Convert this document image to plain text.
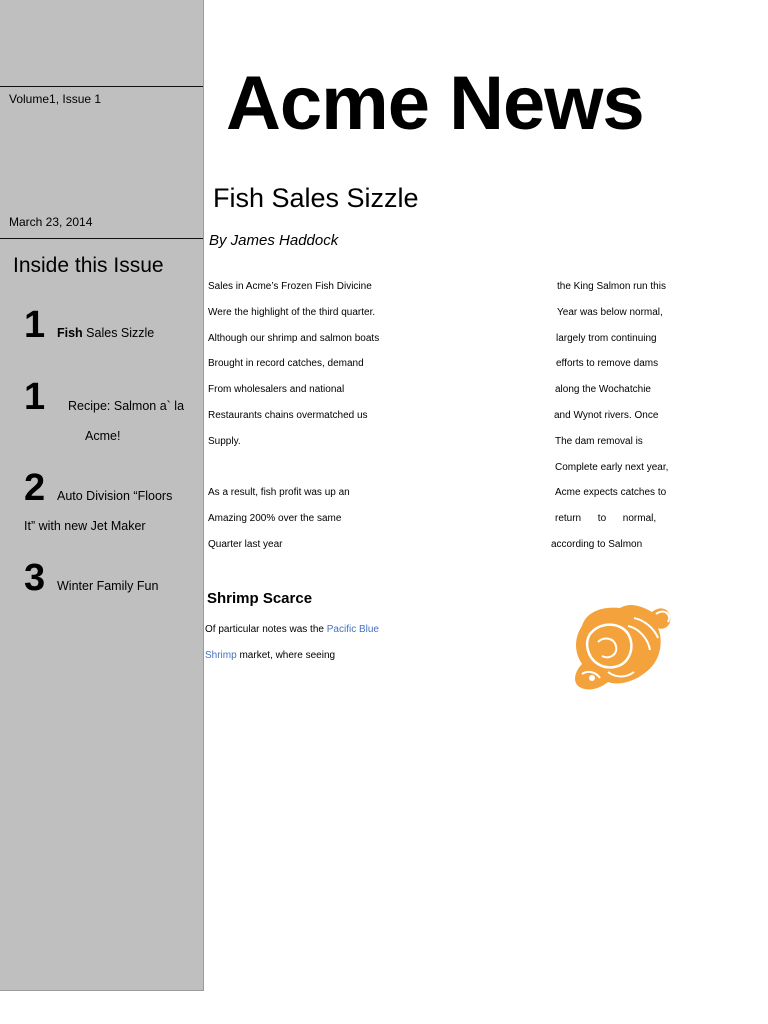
Volume1, Issue 1
March 23, 2014
Inside this Issue
1 Fish Sales Sizzle
1 Recipe: Salmon a` la
Acme!
2 Auto Division “Floors
It” with new Jet Maker
3 Winter Family Fun
Acme News
Fish Sales Sizzle
By James Haddock
Sales in Acme’s Frozen Fish Divicine
Were the highlight of the third quarter.
Although our shrimp and salmon boats
Brought in record catches, demand
From wholesalers and national
Restaurants chains overmatched us
Supply.
As a result, fish profit was up an
Amazing 200% over the same
Quarter last year
the King Salmon run this
Year was below normal,
largely trom continuing
efforts to remove dams
along the Wochatchie
and Wynot rivers. Once
The dam removal is
Complete early next year,
Acme expects catches to
return      to      normal,
according to Salmon
Shrimp Scarce
Of particular notes was the Pacific Blue
Shrimp market, where seeing
